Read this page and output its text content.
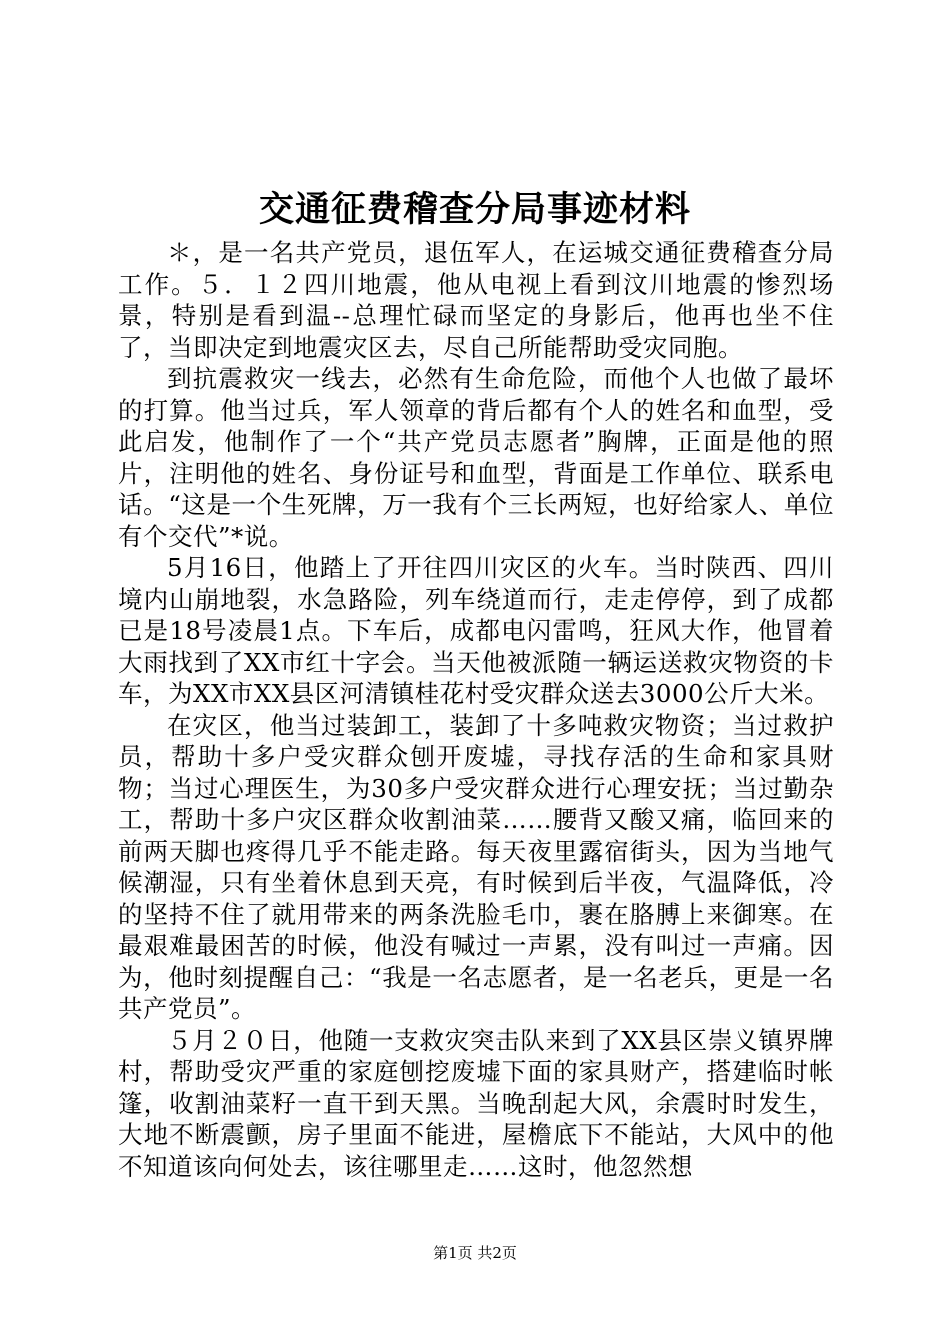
交通征费稽查分局事迹材料

＊，是一名共产党员，退伍军人，在运城交通征费稽查分局工作。５．１２四川地震，他从电视上看到汶川地震的惨烈场景，特别是看到温--总理忙碌而坚定的身影后，他再也坐不住了，当即决定到地震灾区去，尽自己所能帮助受灾同胞。

到抗震救灾一线去，必然有生命危险，而他个人也做了最坏的打算。他当过兵，军人领章的背后都有个人的姓名和血型，受此启发，他制作了一个“共产党员志愿者”胸牌，正面是他的照片，注明他的姓名、身份证号和血型，背面是工作单位、联系电话。“这是一个生死牌，万一我有个三长两短，也好给家人、单位有个交代”*说。

5月16日，他踏上了开往四川灾区的火车。当时陕西、四川境内山崩地裂，水急路险，列车绕道而行，走走停停，到了成都已是18号凌晨1点。下车后，成都电闪雷鸣，狂风大作，他冒着大雨找到了XX市红十字会。当天他被派随一辆运送救灾物资的卡车，为XX市XX县区河清镇桂花村受灾群众送去3000公斤大米。

在灾区，他当过装卸工，装卸了十多吨救灾物资；当过救护员，帮助十多户受灾群众刨开废墟，寻找存活的生命和家具财物；当过心理医生，为30多户受灾群众进行心理安抚；当过勤杂工，帮助十多户灾区群众收割油菜……腰背又酸又痛，临回来的前两天脚也疼得几乎不能走路。每天夜里露宿街头，因为当地气候潮湿，只有坐着休息到天亮，有时候到后半夜，气温降低，冷的坚持不住了就用带来的两条洗脸毛巾，裹在胳膊上来御寒。在最艰难最困苦的时候，他没有喊过一声累，没有叫过一声痛。因为，他时刻提醒自己：“我是一名志愿者，是一名老兵，更是一名共产党员”。

５月２０日，他随一支救灾突击队来到了XX县区崇义镇界牌村，帮助受灾严重的家庭刨挖废墟下面的家具财产，搭建临时帐篷，收割油菜籽一直干到天黑。当晚刮起大风，余震时时发生，大地不断震颤，房子里面不能进，屋檐底下不能站，大风中的他不知道该向何处去，该往哪里走……这时，他忽然想

第1页 共2页
